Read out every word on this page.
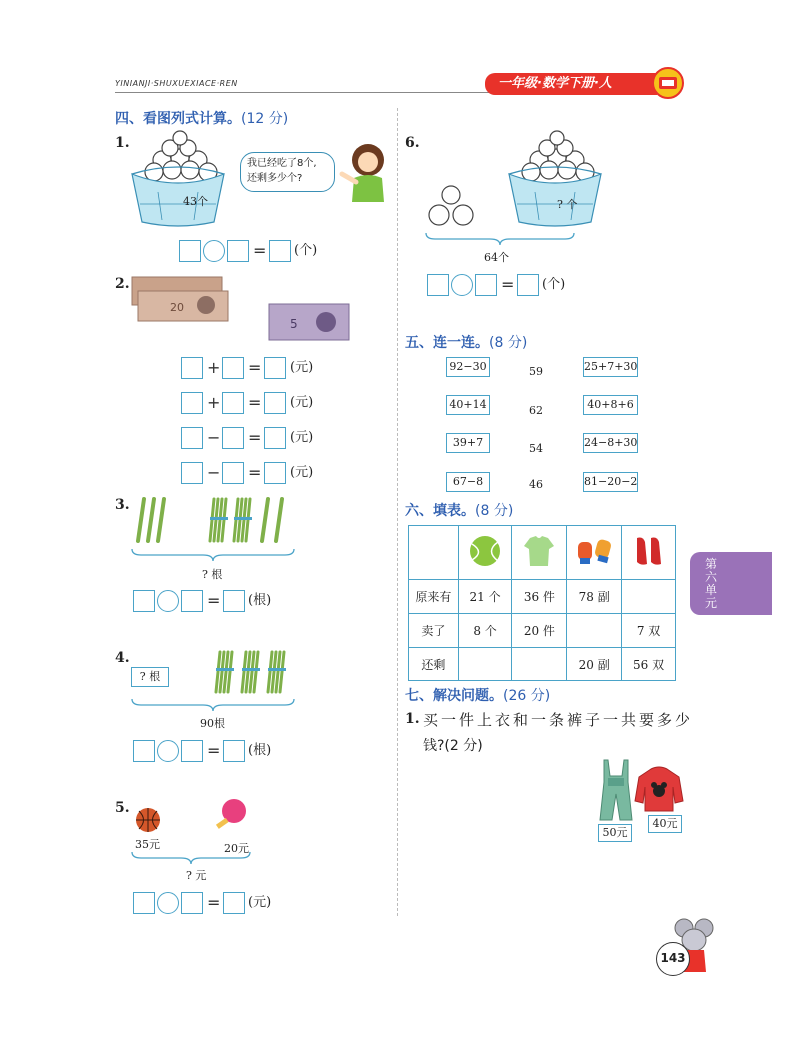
YINIANJI·SHUXUEXIACE·REN	一年级·数学下册·人
四、看图列式计算。(12 分)
1.
43个
我已经吃了8个,
还剩多少个?
= (个)
2.
20
5
+ = (元)
+ = (元)
− = (元)
− = (元)
3.
? 根
= (根)
4.
? 根
90根
= (根)
5.
35元	20元
? 元
= (元)
6.
? 个
64个
= (个)
五、连一连。(8 分)
92−30
40+14
39+7
67−8
59
62
54
46
25+7+30
40+8+6
24−8+30
81−20−2
六、填表。(8 分)

原来有	21 个	36 件	78 副	
卖了	8 个	20 件		7 双
还剩			20 副	56 双
七、解决问题。(26 分)
1. 买一件上衣和一条裤子一共要多少
钱?(2 分)
50元
40元
第
六
单
元
143
